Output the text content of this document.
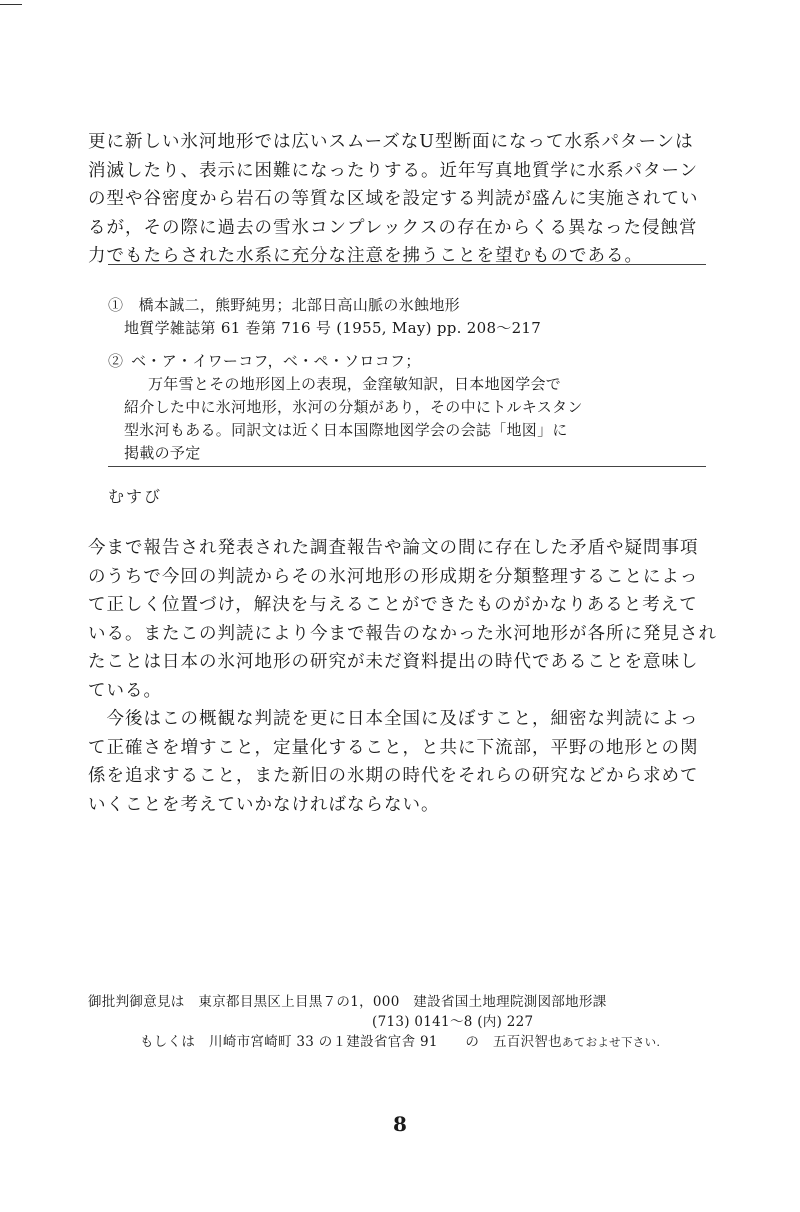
更に新しい氷河地形では広いスムーズなU型断面になって水系パターンは
消滅したり、表示に困難になったりする。近年写真地質学に水系パターン
の型や谷密度から岩石の等質な区域を設定する判読が盛んに実施されてい
るが，その際に過去の雪氷コンプレックスの存在からくる異なった侵蝕営
力でもたらされた水系に充分な注意を拂うことを望むものである。
①　 橋本誠二，熊野純男；北部日高山脈の氷蝕地形
地質学雑誌第 61 巻第 716 号 (1955, May) pp. 208〜217
②  ベ・ア・イワーコフ，ベ・ペ・ソロコフ；
万年雪とその地形図上の表現，金窪敏知訳，日本地図学会で
紹介した中に氷河地形，氷河の分類があり，その中にトルキスタン
型氷河もある。同訳文は近く日本国際地図学会の会誌「地図」に
掲載の予定
むすび
今まで報告され発表された調査報告や論文の間に存在した矛盾や疑問事項
のうちで今回の判読からその氷河地形の形成期を分類整理することによっ
て正しく位置づけ，解決を与えることができたものがかなりあると考えて
いる。またこの判読により今まで報告のなかった氷河地形が各所に発見され
たことは日本の氷河地形の研究が未だ資料提出の時代であることを意味し
ている。
　今後はこの概観な判読を更に日本全国に及ぼすこと，細密な判読によっ
て正確さを増すこと，定量化すること，と共に下流部，平野の地形との関
係を追求すること，また新旧の氷期の時代をそれらの研究などから求めて
いくことを考えていかなければならない。
御批判御意見は　 東京都目黒区上目黒７の1，000　建設省国土地理院測図部地形課
(713) 0141〜8 (内) 227
もしくは　 川崎市宮崎町 33 の１建設省官舎 91　　 の　 五百沢智也あておよせ下さい.
8
